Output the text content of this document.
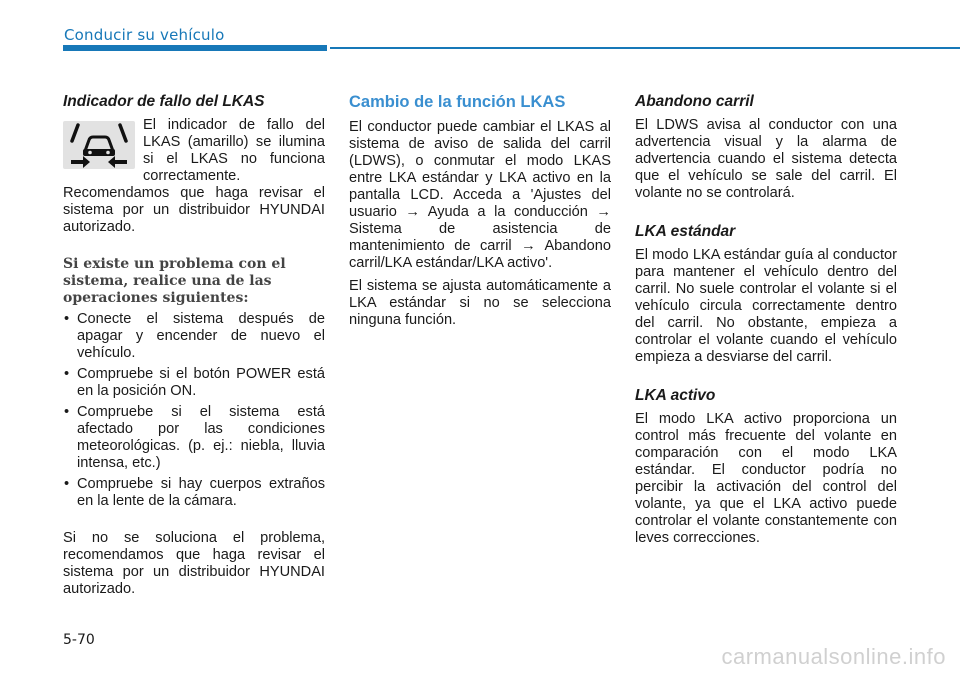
Conducir su vehículo
Indicador de fallo del LKAS

El indicador de fallo del LKAS (amarillo) se ilumina si el LKAS no funciona correctamente. Recomendamos que haga revisar el sistema por un distribuidor HYUNDAI autorizado.

Si existe un problema con el sistema, realice una de las operaciones siguientes:
• Conecte el sistema después de apagar y encender de nuevo el vehículo.
• Compruebe si el botón POWER está en la posición ON.
• Compruebe si el sistema está afectado por las condiciones meteorológicas. (p. ej.: niebla, lluvia intensa, etc.)
• Compruebe si hay cuerpos extraños en la lente de la cámara.

Si no se soluciona el problema, recomendamos que haga revisar el sistema por un distribuidor HYUNDAI autorizado.

Cambio de la función LKAS

El conductor puede cambiar el LKAS al sistema de aviso de salida del carril (LDWS), o conmutar el modo LKAS entre LKA estándar y LKA activo en la pantalla LCD. Acceda a 'Ajustes del usuario → Ayuda a la conducción → Sistema de asistencia de mantenimiento de carril → Abandono carril/LKA estándar/LKA activo'.

El sistema se ajusta automáticamente a LKA estándar si no se selecciona ninguna función.

Abandono carril

El LDWS avisa al conductor con una advertencia visual y la alarma de advertencia cuando el sistema detecta que el vehículo se sale del carril. El volante no se controlará.

LKA estándar

El modo LKA estándar guía al conductor para mantener el vehículo dentro del carril. No suele controlar el volante si el vehículo circula correctamente dentro del carril. No obstante, empieza a controlar el volante cuando el vehículo empieza a desviarse del carril.

LKA activo

El modo LKA activo proporciona un control más frecuente del volante en comparación con el modo LKA estándar. El conductor podría no percibir la activación del control del volante, ya que el LKA activo puede controlar el volante constantemente con leves correcciones.

5-70
carmanualsonline.info
